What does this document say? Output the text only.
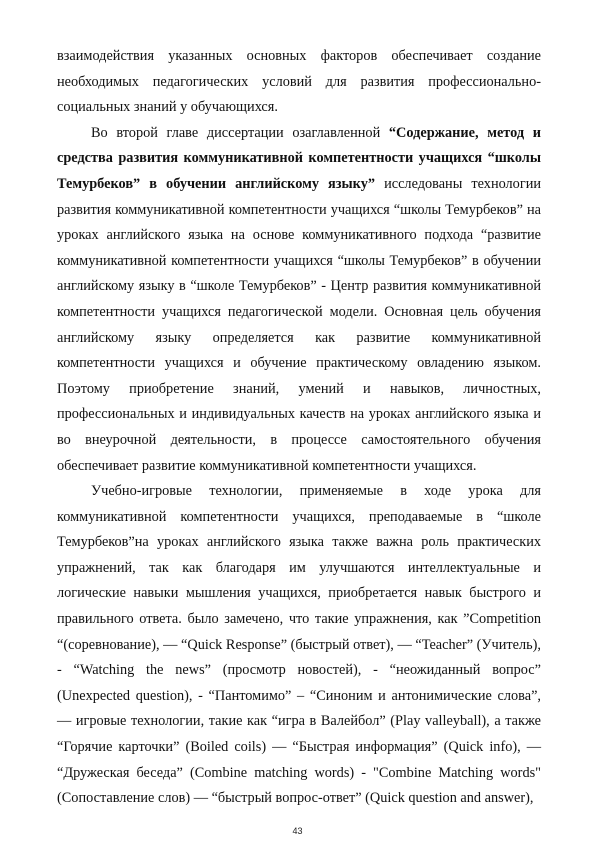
взаимодействия указанных основных факторов обеспечивает создание необходимых педагогических условий для развития профессионально-социальных знаний у обучающихся.

Во второй главе диссертации озаглавленной “Содержание, метод и средства развития коммуникативной компетентности учащихся “школы Темурбеков” в обучении английскому языку” исследованы технологии развития коммуникативной компетентности учащихся “школы Темурбеков” на уроках английского языка на основе коммуникативного подхода “развитие коммуникативной компетентности учащихся “школы Темурбеков” в обучении английскому языку в “школе Темурбеков” - Центр развития коммуникативной компетентности учащихся педагогической модели. Основная цель обучения английскому языку определяется как развитие коммуникативной компетентности учащихся и обучение практическому овладению языком. Поэтому приобретение знаний, умений и навыков, личностных, профессиональных и индивидуальных качеств на уроках английского языка и во внеурочной деятельности, в процессе самостоятельного обучения обеспечивает развитие коммуникативной компетентности учащихся.

Учебно-игровые технологии, применяемые в ходе урока для коммуникативной компетентности учащихся, преподаваемые в “школе Темурбеков”на уроках английского языка также важна роль практических упражнений, так как благодаря им улучшаются интеллектуальные и логические навыки мышления учащихся, приобретается навык быстрого и правильного ответа. было замечено, что такие упражнения, как ”Competition “(соревнование), — “Quick Response” (быстрый ответ), — “Teacher” (Учитель), - “Watching the news” (просмотр новостей), - “неожиданный вопрос” (Unexpected question), - “Пантомимо” – “Синоним и антонимические слова”, — игровые технологии, такие как “игра в Валейбол” (Play valleyball), а также “Горячие карточки” (Boiled coils) — “Быстрая информация” (Quick info), — “Дружеская беседа” (Combine matching words) - "Combine Matching words" (Сопоставление слов) — “быстрый вопрос-ответ” (Quick question and answer),

43
